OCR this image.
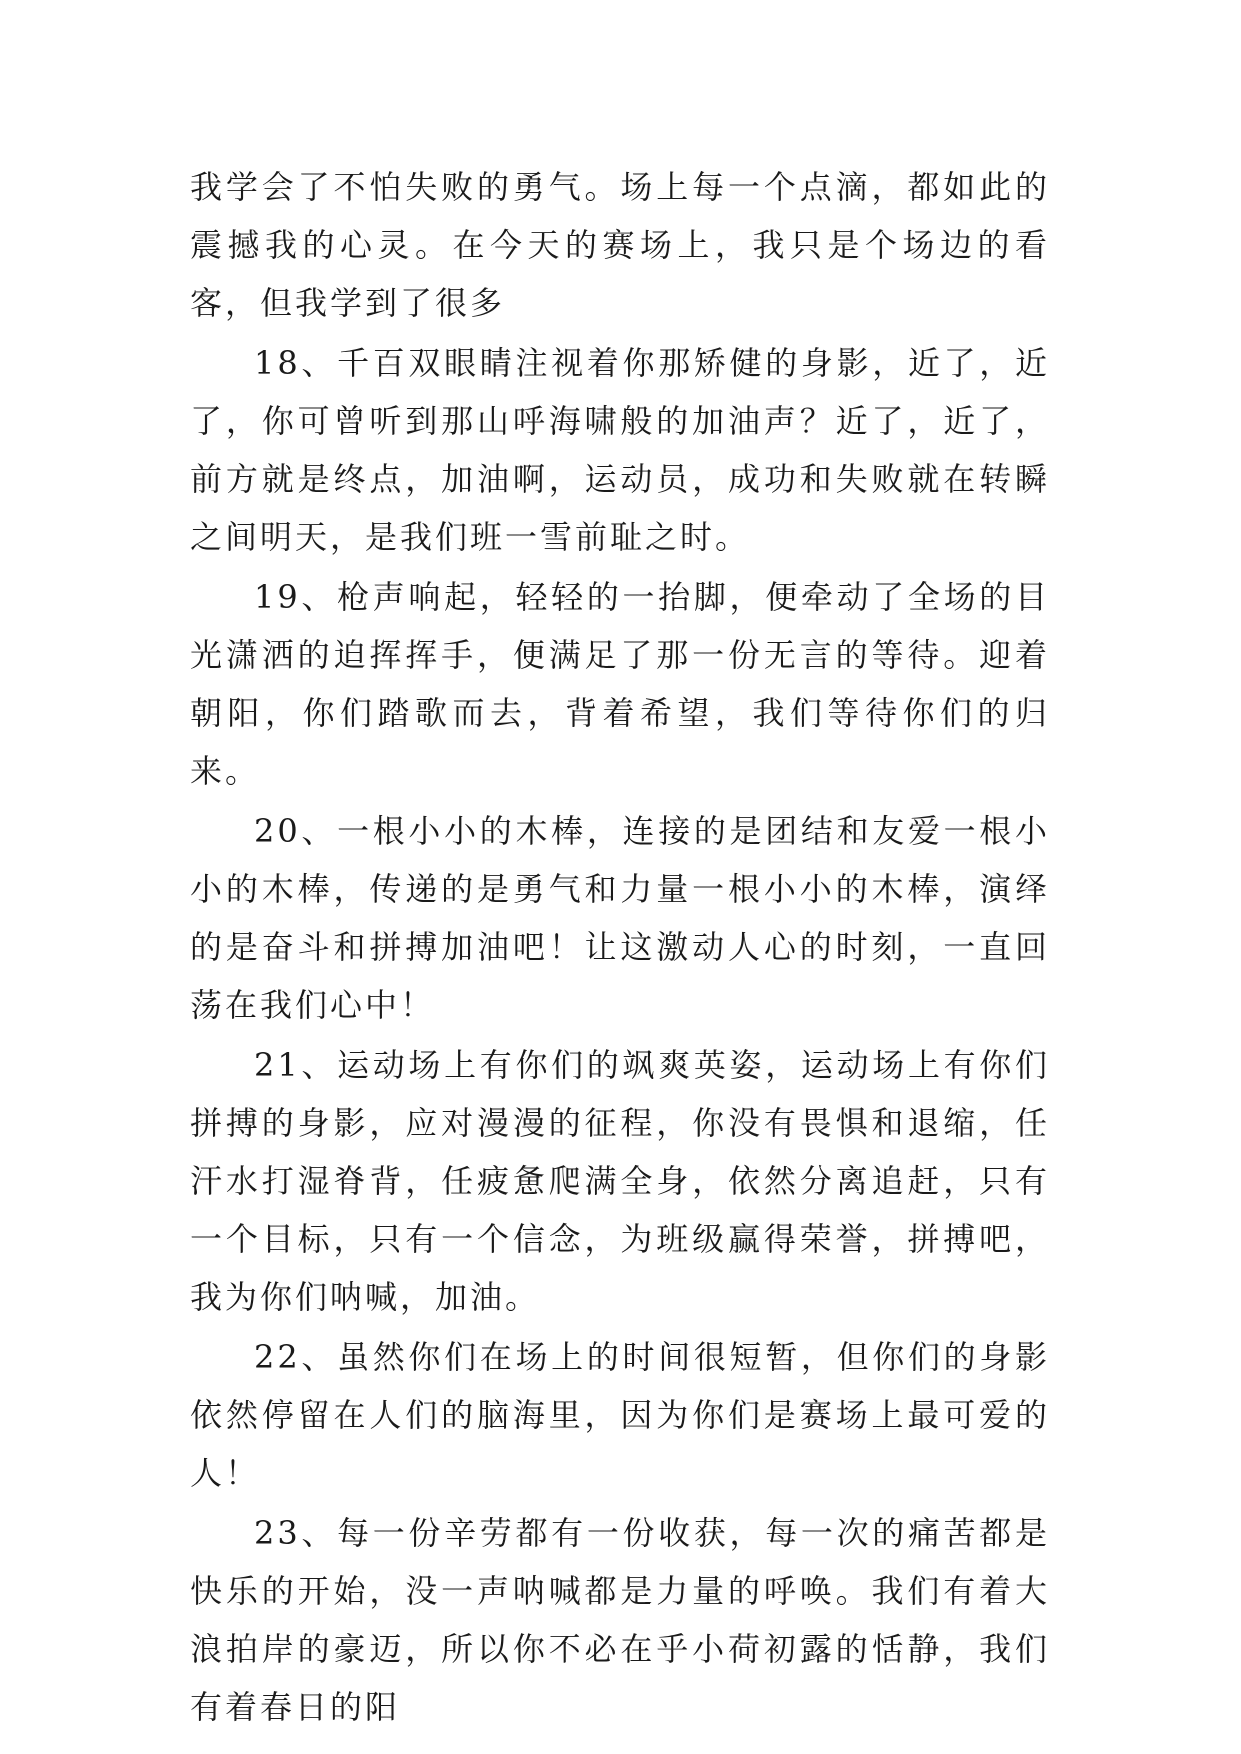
我学会了不怕失败的勇气。场上每一个点滴，都如此的震撼我的心灵。在今天的赛场上，我只是个场边的看客，但我学到了很多

18、千百双眼睛注视着你那矫健的身影，近了，近了，你可曾听到那山呼海啸般的加油声？近了，近了，前方就是终点，加油啊，运动员，成功和失败就在转瞬之间明天，是我们班一雪前耻之时。

19、枪声响起，轻轻的一抬脚，便牵动了全场的目光潇洒的迫挥挥手，便满足了那一份无言的等待。迎着朝阳，你们踏歌而去，背着希望，我们等待你们的归来。

20、一根小小的木棒，连接的是团结和友爱一根小小的木棒，传递的是勇气和力量一根小小的木棒，演绎的是奋斗和拼搏加油吧！让这激动人心的时刻，一直回荡在我们心中！

21、运动场上有你们的飒爽英姿，运动场上有你们拼搏的身影，应对漫漫的征程，你没有畏惧和退缩，任汗水打湿脊背，任疲惫爬满全身，依然分离追赶，只有一个目标，只有一个信念，为班级赢得荣誉，拼搏吧，我为你们呐喊，加油。

22、虽然你们在场上的时间很短暂，但你们的身影依然停留在人们的脑海里，因为你们是赛场上最可爱的人！

23、每一份辛劳都有一份收获，每一次的痛苦都是快乐的开始，没一声呐喊都是力量的呼唤。我们有着大浪拍岸的豪迈，所以你不必在乎小荷初露的恬静，我们有着春日的阳
